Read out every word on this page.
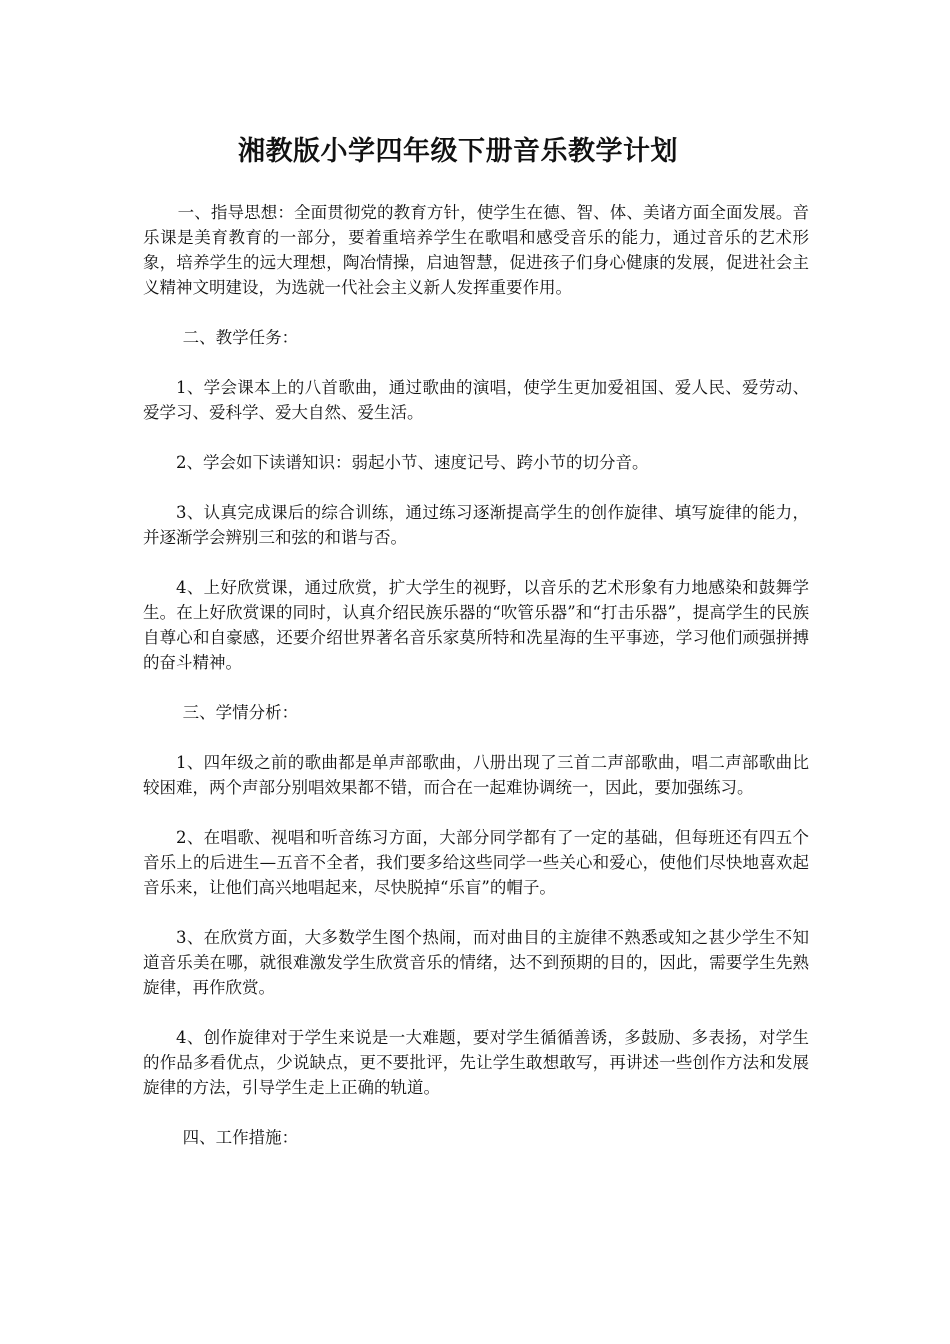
湘教版小学四年级下册音乐教学计划

一、指导思想：全面贯彻党的教育方针，使学生在德、智、体、美诸方面全面发展。音乐课是美育教育的一部分，要着重培养学生在歌唱和感受音乐的能力，通过音乐的艺术形象，培养学生的远大理想，陶冶情操，启迪智慧，促进孩子们身心健康的发展，促进社会主义精神文明建设，为选就一代社会主义新人发挥重要作用。

二、教学任务：

1、学会课本上的八首歌曲，通过歌曲的演唱，使学生更加爱祖国、爱人民、爱劳动、爱学习、爱科学、爱大自然、爱生活。

2、学会如下读谱知识：弱起小节、速度记号、跨小节的切分音。

3、认真完成课后的综合训练，通过练习逐渐提高学生的创作旋律、填写旋律的能力，并逐渐学会辨别三和弦的和谐与否。

4、上好欣赏课，通过欣赏，扩大学生的视野，以音乐的艺术形象有力地感染和鼓舞学生。在上好欣赏课的同时，认真介绍民族乐器的“吹管乐器”和“打击乐器”，提高学生的民族自尊心和自豪感，还要介绍世界著名音乐家莫所特和冼星海的生平事迹，学习他们顽强拼搏的奋斗精神。

三、学情分析：

1、四年级之前的歌曲都是单声部歌曲，八册出现了三首二声部歌曲，唱二声部歌曲比较困难，两个声部分别唱效果都不错，而合在一起难协调统一，因此，要加强练习。

2、在唱歌、视唱和听音练习方面，大部分同学都有了一定的基础，但每班还有四五个音乐上的后进生—五音不全者，我们要多给这些同学一些关心和爱心，使他们尽快地喜欢起音乐来，让他们高兴地唱起来，尽快脱掉“乐盲”的帽子。

3、在欣赏方面，大多数学生图个热闹，而对曲目的主旋律不熟悉或知之甚少学生不知道音乐美在哪，就很难激发学生欣赏音乐的情绪，达不到预期的目的，因此，需要学生先熟旋律，再作欣赏。

4、创作旋律对于学生来说是一大难题，要对学生循循善诱，多鼓励、多表扬，对学生的作品多看优点，少说缺点，更不要批评，先让学生敢想敢写，再讲述一些创作方法和发展旋律的方法，引导学生走上正确的轨道。

四、工作措施：
